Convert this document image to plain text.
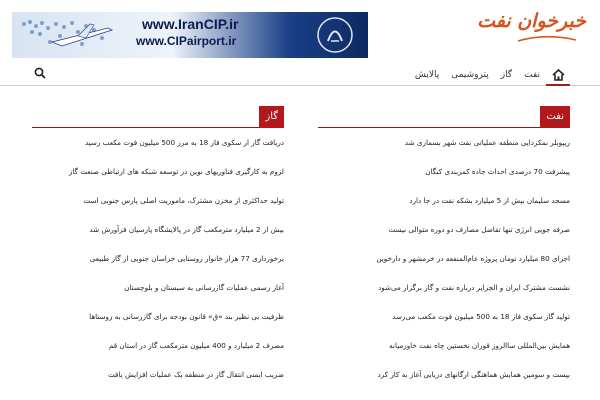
خبرخوان نفت
www.IranCIP.ir
www.CIPairport.ir
نفت
گاز
پتروشیمی
پالایش
نفت
ریپوبلر نمکزدایی منطقه عملیاتی نفت شهر بسمازی شد
پیشرفت 70 درصدی احداث جاده کمربندی کنگان
مسجد سلیمان بیش از 5 میلیارد بشکه نفت در جا دارد
صرفه جویی انرژی تنها تفاضل مصارف دو دوره متوالی نیست
اجرای 80 میلیارد تومان پروژه عام‌المنفعه در خرمشهر و دارخوین
نشست مشترک ایران و الجزایر درباره نفت و گاز برگزار می‌شود
تولید گاز سکوی فاز 18 به 500 میلیون فوت مکعب می‌رسد
همایش بین‌المللی ساالروز قوران نخستین چاه نفت خاورمیانه
بیست و سومین همایش هماهنگی ارگانهای دریایی آغاز به کار کرد
گاز
دریافت گاز از سکوی فاز 18 به مرز 500 میلیون فوت مکعب رسید
لزوم به کارگیری فناوریهای نوین در توسعه شبکه های ارتباطی صنعت گاز
تولید حداکثری از مخزن مشترک، ماموریت اصلی پارس جنوبی است
بیش از 2 میلیارد مترمکعب گاز در پالایشگاه پارسیان فرآورش شد
برخورداری 77 هزار خانوار روستایی خراسان جنوبی از گاز طبیعی
آغاز رسمی عملیات گازرسانی به سیستان و بلوچستان
ظرفیت بی نظیر بند «ق» قانون بودجه برای گازرسانی به روستاها
مصرف 2 میلیارد و 400 میلیون مترمکعب گاز در استان قم
ضریب ایمنی انتقال گاز در منطقه یک عملیات افزایش یافت
